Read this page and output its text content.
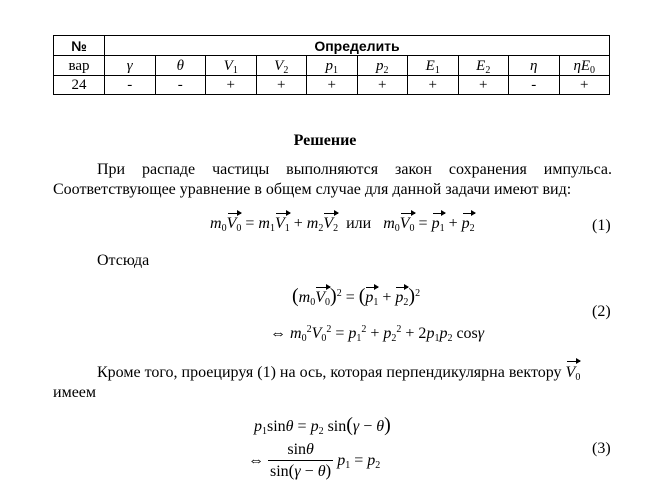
№	Определить									
вар	γ	θ	$V_1$	$V_2$	$p_1$	$p_2$	$E_1$	$E_2$	η	$\eta E_0$
24	-	-	+	+	+	+	+	+	-	+
Решение
При распаде частицы выполняются закон сохранения импульса.
Соответствующее уравнение в общем случае для данной задачи имеют вид:
$m_0V_0 = m_1V_1 + m_2V_2$ или $m_0V_0 = p_1 + p_2$	(1)
Отсюда
$(m_0V_0)^2 = (p_1 + p_2)^2$
⇔ $m_0^2V_0^2 = p_1^2 + p_2^2 + 2p_1p_2$ cosγ
(2)
Кроме того, проецируя (1) на ось, которая перпендикулярна вектору $V_0$
имеем
$p_1\sin\theta = p_2$ sin(γ − θ)
⇔ $\frac{\sin\theta}{\sin(\gamma - \theta)} p_1 = p_2$
(3)
